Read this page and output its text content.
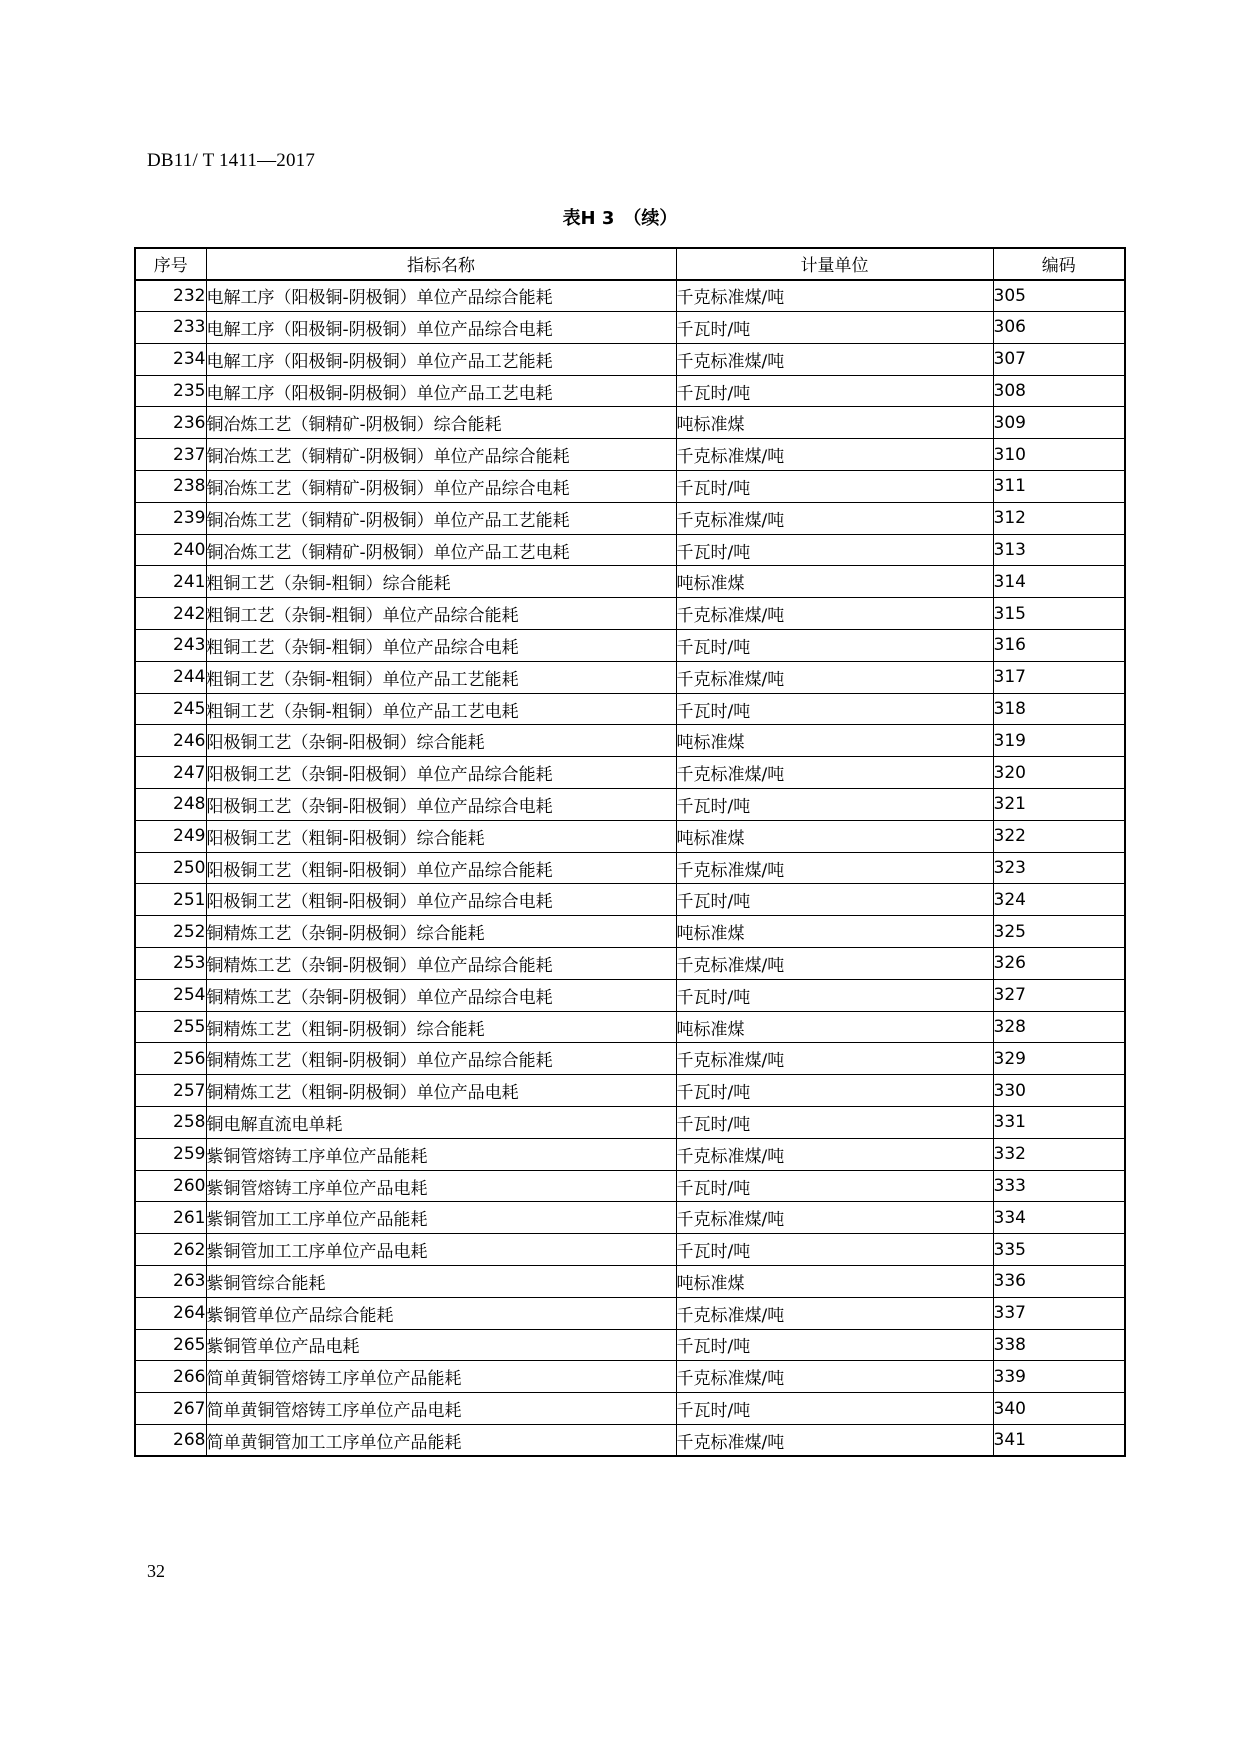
DB11/ T 1411—2017
表H 3　（续）
序号	指标名称	计量单位	编码
232	电解工序（阳极铜-阴极铜）单位产品综合能耗	千克标准煤/吨	305
233	电解工序（阳极铜-阴极铜）单位产品综合电耗	千瓦时/吨	306
234	电解工序（阳极铜-阴极铜）单位产品工艺能耗	千克标准煤/吨	307
235	电解工序（阳极铜-阴极铜）单位产品工艺电耗	千瓦时/吨	308
236	铜冶炼工艺（铜精矿-阴极铜）综合能耗	吨标准煤	309
237	铜冶炼工艺（铜精矿-阴极铜）单位产品综合能耗	千克标准煤/吨	310
238	铜冶炼工艺（铜精矿-阴极铜）单位产品综合电耗	千瓦时/吨	311
239	铜冶炼工艺（铜精矿-阴极铜）单位产品工艺能耗	千克标准煤/吨	312
240	铜冶炼工艺（铜精矿-阴极铜）单位产品工艺电耗	千瓦时/吨	313
241	粗铜工艺（杂铜-粗铜）综合能耗	吨标准煤	314
242	粗铜工艺（杂铜-粗铜）单位产品综合能耗	千克标准煤/吨	315
243	粗铜工艺（杂铜-粗铜）单位产品综合电耗	千瓦时/吨	316
244	粗铜工艺（杂铜-粗铜）单位产品工艺能耗	千克标准煤/吨	317
245	粗铜工艺（杂铜-粗铜）单位产品工艺电耗	千瓦时/吨	318
246	阳极铜工艺（杂铜-阳极铜）综合能耗	吨标准煤	319
247	阳极铜工艺（杂铜-阳极铜）单位产品综合能耗	千克标准煤/吨	320
248	阳极铜工艺（杂铜-阳极铜）单位产品综合电耗	千瓦时/吨	321
249	阳极铜工艺（粗铜-阳极铜）综合能耗	吨标准煤	322
250	阳极铜工艺（粗铜-阳极铜）单位产品综合能耗	千克标准煤/吨	323
251	阳极铜工艺（粗铜-阳极铜）单位产品综合电耗	千瓦时/吨	324
252	铜精炼工艺（杂铜-阴极铜）综合能耗	吨标准煤	325
253	铜精炼工艺（杂铜-阴极铜）单位产品综合能耗	千克标准煤/吨	326
254	铜精炼工艺（杂铜-阴极铜）单位产品综合电耗	千瓦时/吨	327
255	铜精炼工艺（粗铜-阴极铜）综合能耗	吨标准煤	328
256	铜精炼工艺（粗铜-阴极铜）单位产品综合能耗	千克标准煤/吨	329
257	铜精炼工艺（粗铜-阴极铜）单位产品电耗	千瓦时/吨	330
258	铜电解直流电单耗	千瓦时/吨	331
259	紫铜管熔铸工序单位产品能耗	千克标准煤/吨	332
260	紫铜管熔铸工序单位产品电耗	千瓦时/吨	333
261	紫铜管加工工序单位产品能耗	千克标准煤/吨	334
262	紫铜管加工工序单位产品电耗	千瓦时/吨	335
263	紫铜管综合能耗	吨标准煤	336
264	紫铜管单位产品综合能耗	千克标准煤/吨	337
265	紫铜管单位产品电耗	千瓦时/吨	338
266	简单黄铜管熔铸工序单位产品能耗	千克标准煤/吨	339
267	简单黄铜管熔铸工序单位产品电耗	千瓦时/吨	340
268	简单黄铜管加工工序单位产品能耗	千克标准煤/吨	341
32
